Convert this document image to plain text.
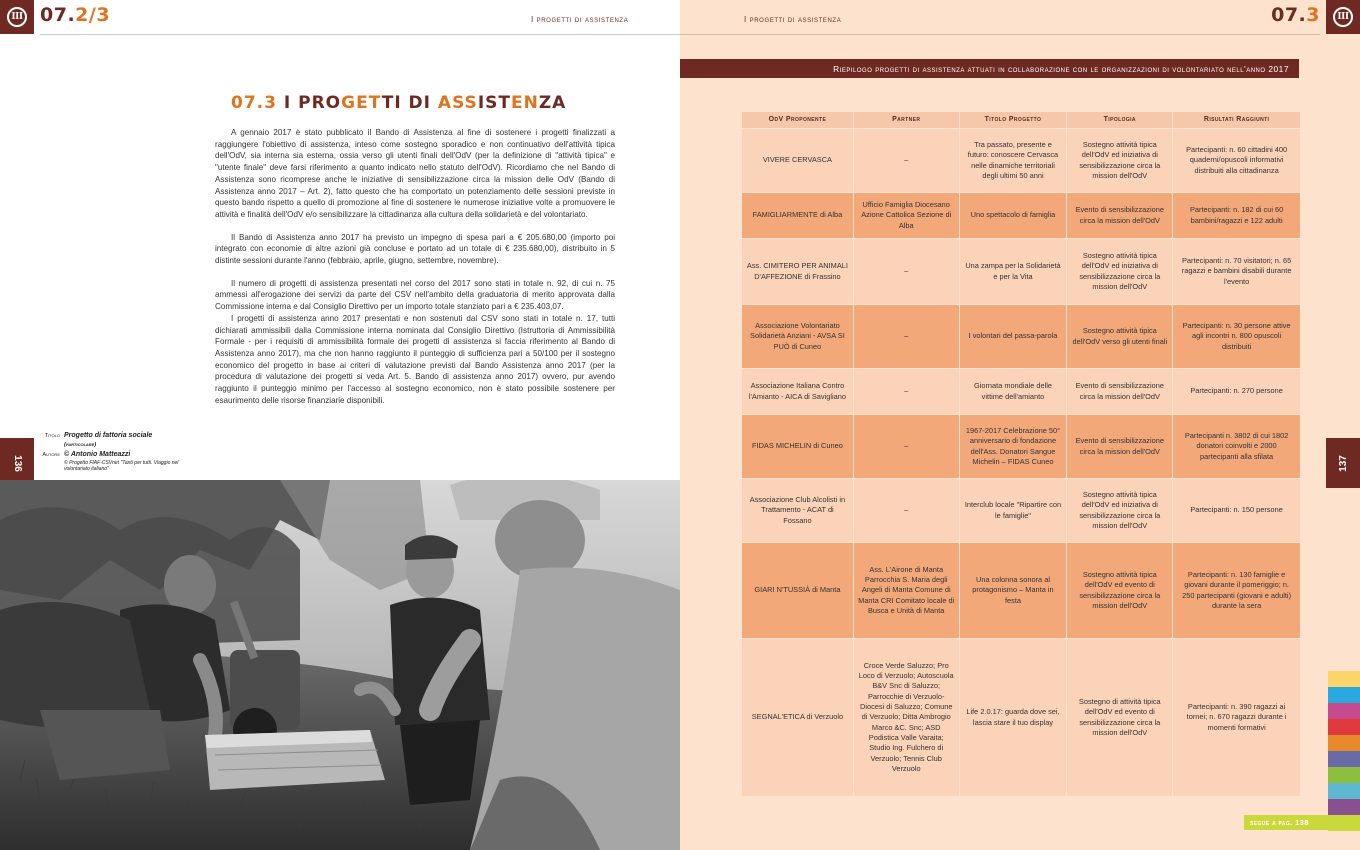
III 07.2/3	I progetti di assistenza
07.3 I PROGETTI DI ASSISTENZA

A gennaio 2017 è stato pubblicato il Bando di Assistenza al fine di sostenere i progetti finalizzati a raggiungere l'obiettivo di assistenza, inteso come sostegno sporadico e non continuativo dell'attività tipica dell'OdV, sia interna sia esterna, ossia verso gli utenti finali dell'OdV (per la definizione di "attività tipica" e "utente finale" deve farsi riferimento a quanto indicato nello statuto dell'OdV). Ricordiamo che nel Bando di Assistenza sono ricomprese anche le iniziative di sensibilizzazione circa la mission delle OdV (Bando di Assistenza anno 2017 – Art. 2), fatto questo che ha comportato un potenziamento delle sessioni previste in questo bando rispetto a quello di promozione al fine di sostenere le numerose iniziative volte a promuovere le attività e finalità dell'OdV e/o sensibilizzare la cittadinanza alla cultura della solidarietà e del volontariato.

Il Bando di Assistenza anno 2017 ha previsto un impegno di spesa pari a € 205.680,00 (importo poi integrato con economie di altre azioni già concluse e portato ad un totale di € 235.680,00), distribuito in 5 distinte sessioni durante l'anno (febbraio, aprile, giugno, settembre, novembre).

Il numero di progetti di assistenza presentati nel corso del 2017 sono stati in totale n. 92, di cui n. 75 ammessi all'erogazione dei servizi da parte del CSV nell'ambito della graduatoria di merito approvata dalla Commissione interna e dal Consiglio Direttivo per un importo totale stanziato pari a € 235.403,07.

I progetti di assistenza anno 2017 presentati e non sostenuti dal CSV sono stati in totale n. 17, tutti dichiarati ammissibili dalla Commissione interna nominata dal Consiglio Direttivo (Istruttoria di Ammissibilità Formale - per i requisiti di ammissibilità formale dei progetti di assistenza si faccia riferimento al Bando di Assistenza anno 2017), ma che non hanno raggiunto il punteggio di sufficienza pari a 50/100 per il sostegno economico del progetto in base ai criteri di valutazione previsti dal Bando Assistenza anno 2017 (per la procedura di valutazione dei progetti si veda Art. 5. Bando di assistenza anno 2017) ovvero, pur avendo raggiunto il punteggio minimo per l'accesso al sostegno economico, non è stato possibile sostenere per esaurimento delle risorse finanziarie disponibili.

Titolo Progetto di fattoria sociale
(particolare)
Autore © Antonio Matteazzi
© Progetto FIAF-CSVnet "Tanti per tutti. Viaggio nel volontariato italiano"
136
I progetti di assistenza	07.3	III
Riepilogo progetti di assistenza attuati in collaborazione con le organizzazioni di volontariato nell'anno 2017
OdV Proponente	Partner	Titolo Progetto	Tipologia	Risultati Raggiunti
VIVERE CERVASCA	–	Tra passato, presente e futuro: conoscere Cervasca nelle dinamiche territoriali degli ultimi 50 anni	Sostegno attività tipica dell'OdV ed iniziativa di sensibilizzazione circa la mission dell'OdV	Partecipanti: n. 60 cittadini 400 quaderni/opuscoli informativi distribuiti alla cittadinanza
FAMIGLIARMENTE di Alba	Ufficio Famiglia Diocesano Azione Cattolica Sezione di Alba	Uno spettacolo di famiglia	Evento di sensibilizzazione circa la mission dell'OdV	Partecipanti: n. 182 di cui 60 bambini/ragazzi e 122 adulti
Ass. CIMITERO PER ANIMALI D'AFFEZIONE di Frassino	–	Una zampa per la Solidarietà e per la Vita	Sostegno attività tipica dell'OdV ed iniziativa di sensibilizzazione circa la mission dell'OdV	Partecipanti: n. 70 visitatori; n. 65 ragazzi e bambini disabili durante l'evento
Associazione Volontariato Solidarietà Anziani - AVSA SI PUÒ di Cuneo	–	I volontari del passa-parola	Sostegno attività tipica dell'OdV verso gli utenti finali	Partecipanti: n. 30 persone attive agli incontri n. 800 opuscoli distribuiti
Associazione Italiana Contro l'Amianto - AICA di Savigliano	–	Giornata mondiale delle vittime dell'amianto	Evento di sensibilizzazione circa la mission dell'OdV	Partecipanti: n. 270 persone
FIDAS MICHELIN di Cuneo	–	1967-2017 Celebrazione 50° anniversario di fondazione dell'Ass. Donatori Sangue Michelin – FIDAS Cuneo	Evento di sensibilizzazione circa la mission dell'OdV	Partecipanti n. 3802 di cui 1802 donatori coinvolti e 2000 partecipanti alla sfilata
Associazione Club Alcolisti in Trattamento - ACAT di Fossano	–	Interclub locale "Ripartire con le famiglie"	Sostegno attività tipica dell'OdV ed iniziativa di sensibilizzazione circa la mission dell'OdV	Partecipanti: n. 150 persone
GIARI N'TUSSIÀ di Manta	Ass. L'Airone di Manta Parrocchia S. Maria degli Angeli di Manta Comune di Manta CRI Comitato locale di Busca e Unità di Manta	Una colonna sonora al protagonismo – Manta in festa	Sostegno attività tipica dell'OdV ed evento di sensibilizzazione circa la mission dell'OdV	Partecipanti: n. 130 famiglie e giovani durante il pomeriggio; n. 250 partecipanti (giovani e adulti) durante la sera
SEGNAL'ETICA di Verzuolo	Croce Verde Saluzzo; Pro Loco di Verzuolo; Autoscuola B&V Snc di Saluzzo; Parrocchie di Verzuolo-Diocesi di Saluzzo; Comune di Verzuolo; Ditta Ambrogio Marco &C. Snc; ASD Podistica Valle Varaita; Studio Ing. Fulchero di Verzuolo; Tennis Club Verzuolo	Life 2.0.17: guarda dove sei, lascia stare il tuo display	Sostegno di attività tipica dell'OdV ed evento di sensibilizzazione circa la mission dell'OdV	Partecipanti: n. 390 ragazzi ai tornei; n. 670 ragazzi durante i momenti formativi
137
segue a pag. 138
